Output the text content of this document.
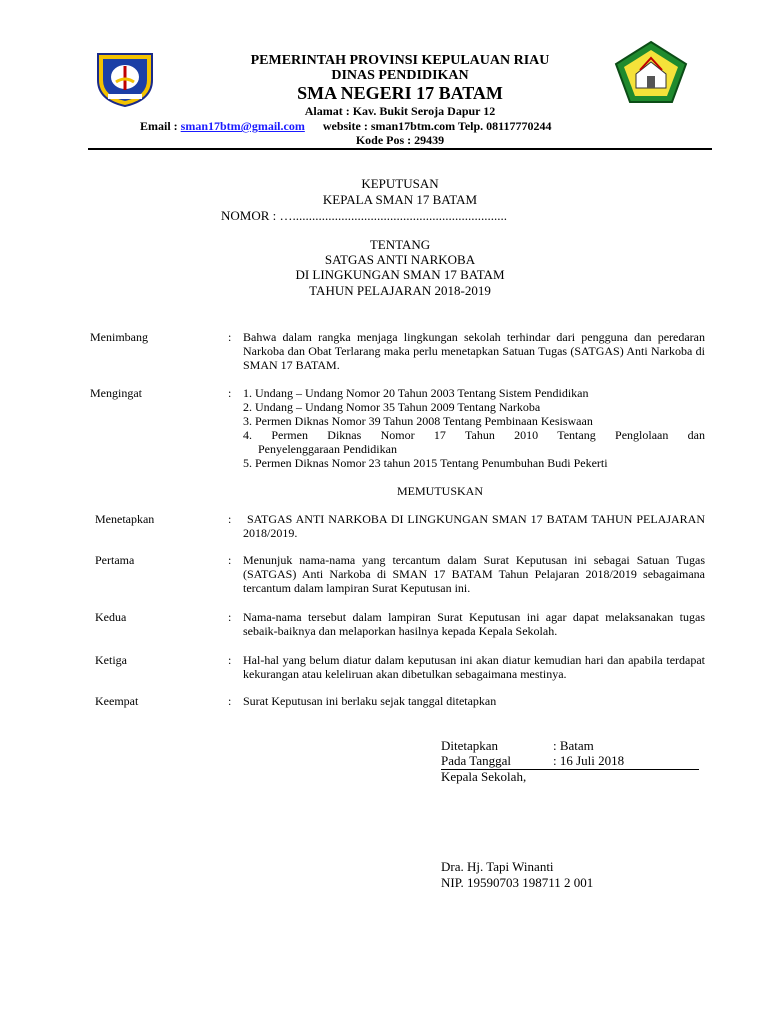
PEMERINTAH PROVINSI KEPULAUAN RIAU
DINAS PENDIDIKAN
SMA NEGERI 17 BATAM
Alamat : Kav. Bukit Seroja Dapur 12
Email : sman17btm@gmail.com website : sman17btm.com Telp. 08117770244
Kode Pos : 29439
KEPUTUSAN
KEPALA SMAN 17 BATAM
NOMOR : …..................................................................
TENTANG
SATGAS ANTI NARKOBA
DI LINGKUNGAN SMAN 17 BATAM
TAHUN PELAJARAN 2018-2019
Menimbang	: Bahwa dalam rangka menjaga lingkungan sekolah terhindar dari pengguna dan peredaran Narkoba dan Obat Terlarang maka perlu menetapkan Satuan Tugas (SATGAS) Anti Narkoba di SMAN 17 BATAM.
Mengingat	: 1. Undang – Undang Nomor 20 Tahun 2003 Tentang Sistem Pendidikan
2. Undang – Undang Nomor 35 Tahun 2009 Tentang Narkoba
3. Permen Diknas Nomor 39 Tahun 2008 Tentang Pembinaan Kesiswaan
4. Permen Diknas Nomor 17 Tahun 2010 Tentang Penglolaan dan
Penyelenggaraan Pendidikan
5. Permen Diknas Nomor 23 tahun 2015 Tentang Penumbuhan Budi Pekerti
MEMUTUSKAN
Menetapkan	:	SATGAS ANTI NARKOBA DI LINGKUNGAN SMAN 17 BATAM TAHUN PELAJARAN 2018/2019.
Pertama	: Menunjuk nama-nama yang tercantum dalam Surat Keputusan ini sebagai Satuan Tugas (SATGAS) Anti Narkoba di SMAN 17 BATAM Tahun Pelajaran 2018/2019 sebagaimana tercantum dalam lampiran Surat Keputusan ini.
Kedua	: Nama-nama tersebut dalam lampiran Surat Keputusan ini agar dapat melaksanakan tugas sebaik-baiknya dan melaporkan hasilnya kepada Kepala Sekolah.
Ketiga	: Hal-hal yang belum diatur dalam keputusan ini akan diatur kemudian hari dan apabila terdapat kekurangan atau keleliruan akan dibetulkan sebagaimana mestinya.
Keempat	: Surat Keputusan ini berlaku sejak tanggal ditetapkan
Ditetapkan	: Batam
Pada Tanggal	: 16 Juli 2018
Kepala Sekolah,
Dra. Hj. Tapi Winanti
NIP. 19590703 198711 2 001
